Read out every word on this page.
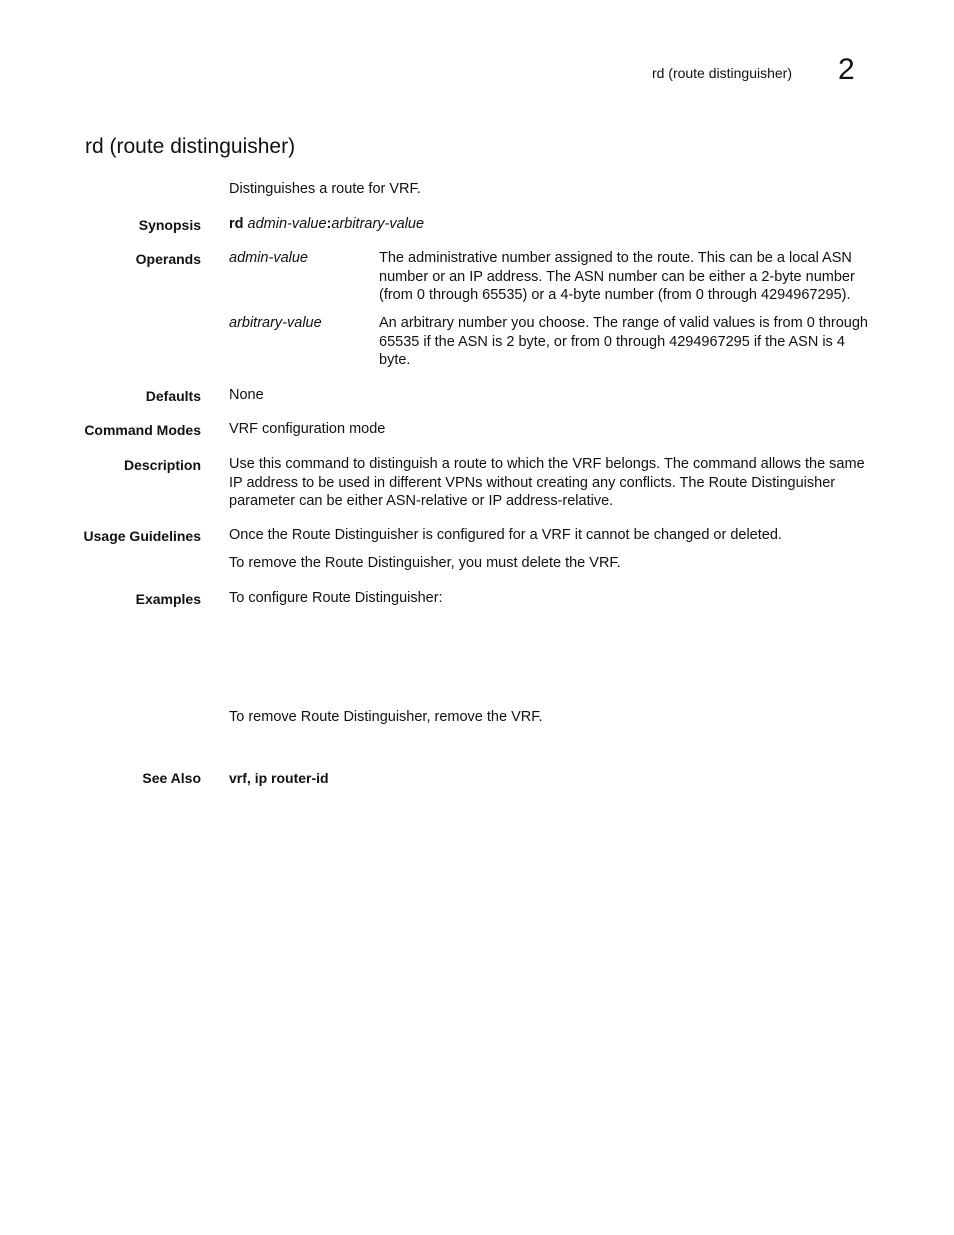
rd (route distinguisher) 2
rd (route distinguisher)
Distinguishes a route for VRF.
Synopsis rd admin-value:arbitrary-value
Operands admin-value	The administrative number assigned to the route. This can be a local ASN number or an IP address. The ASN number can be either a 2-byte number (from 0 through 65535) or a 4-byte number (from 0 through 4294967295).
arbitrary-value	An arbitrary number you choose. The range of valid values is from 0 through 65535 if the ASN is 2 byte, or from 0 through 4294967295 if the ASN is 4 byte.
Defaults None
Command Modes VRF configuration mode
Description Use this command to distinguish a route to which the VRF belongs. The command allows the same IP address to be used in different VPNs without creating any conflicts. The Route Distinguisher parameter can be either ASN-relative or IP address-relative.
Usage Guidelines Once the Route Distinguisher is configured for a VRF it cannot be changed or deleted.
To remove the Route Distinguisher, you must delete the VRF.
Examples To configure Route Distinguisher:
To remove Route Distinguisher, remove the VRF.
See Also vrf, ip router-id
